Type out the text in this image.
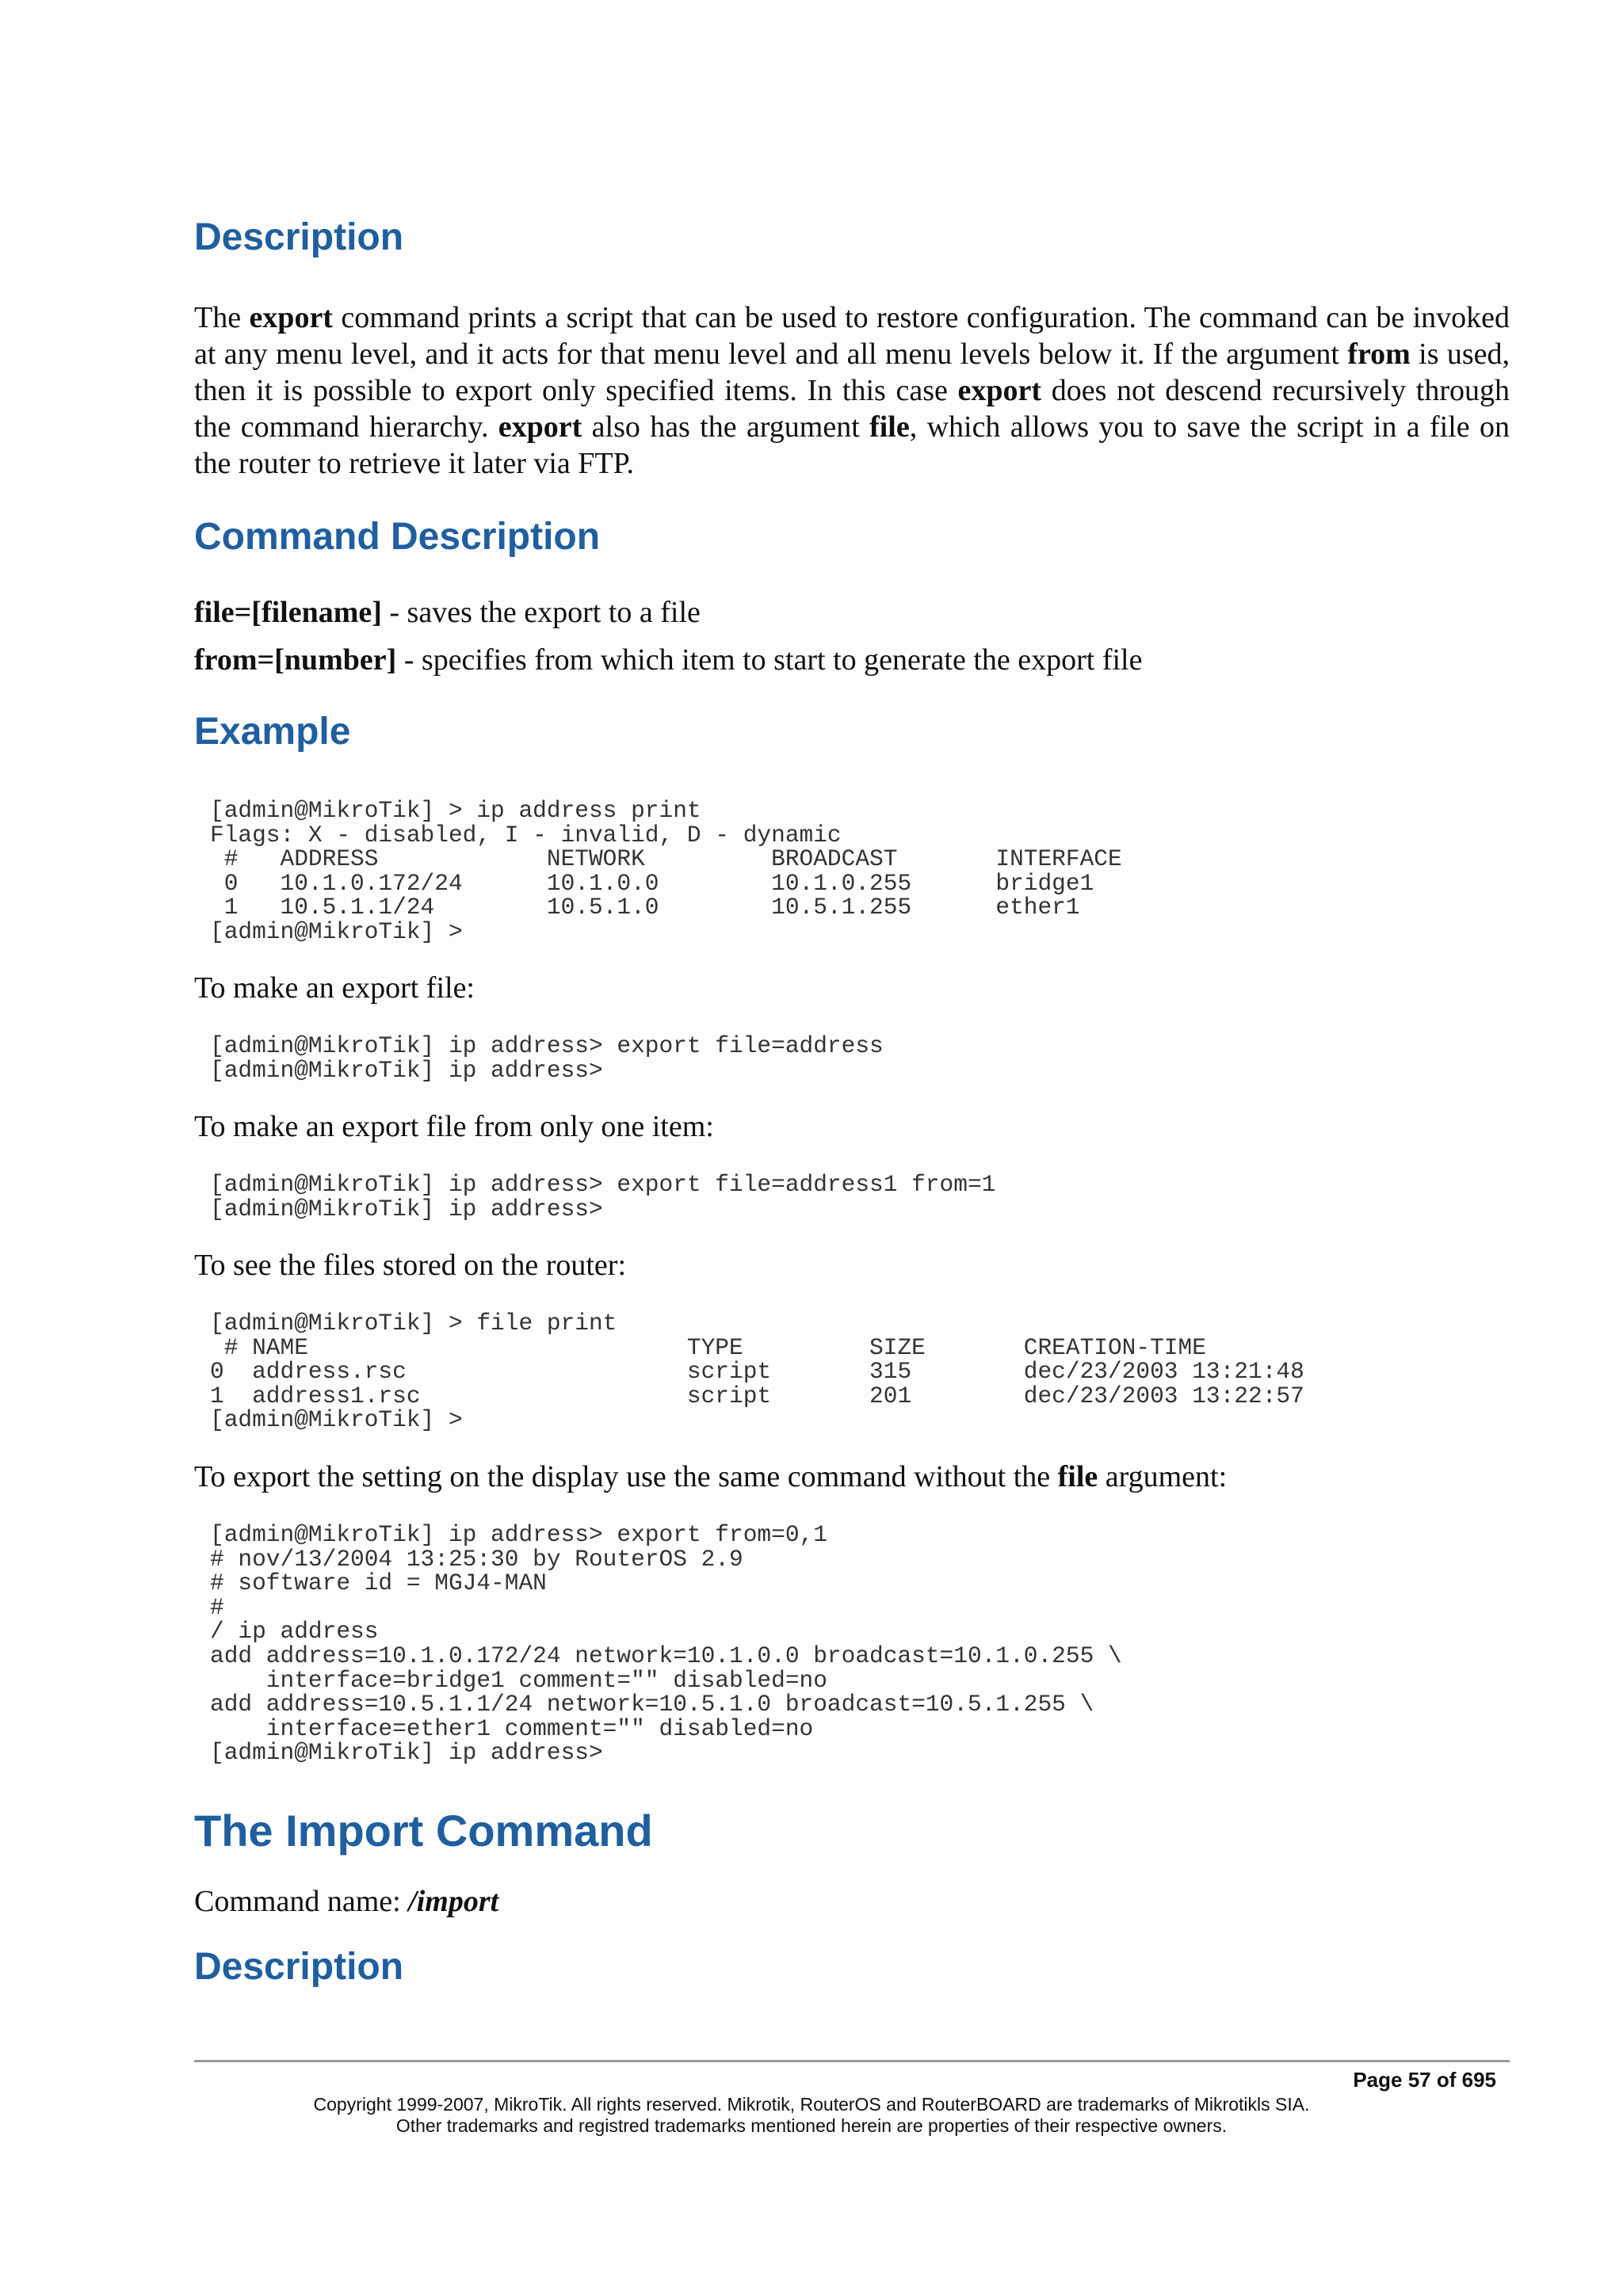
Description

The export command prints a script that can be used to restore configuration. The command can be invoked at any menu level, and it acts for that menu level and all menu levels below it. If the argument from is used, then it is possible to export only specified items. In this case export does not descend recursively through the command hierarchy. export also has the argument file, which allows you to save the script in a file on the router to retrieve it later via FTP.

Command Description

file=[filename] - saves the export to a file

from=[number] - specifies from which item to start to generate the export file

Example
[admin@MikroTik] > ip address print
Flags: X - disabled, I - invalid, D - dynamic
#   ADDRESS            NETWORK         BROADCAST       INTERFACE
0   10.1.0.172/24      10.1.0.0        10.1.0.255      bridge1
1   10.5.1.1/24        10.5.1.0        10.5.1.255      ether1
[admin@MikroTik] >

To make an export file:

[admin@MikroTik] ip address> export file=address
[admin@MikroTik] ip address>

To make an export file from only one item:

[admin@MikroTik] ip address> export file=address1 from=1
[admin@MikroTik] ip address>

To see the files stored on the router:

[admin@MikroTik] > file print
# NAME                           TYPE         SIZE       CREATION-TIME
0  address.rsc                    script       315        dec/23/2003 13:21:48
1  address1.rsc                   script       201        dec/23/2003 13:22:57
[admin@MikroTik] >

To export the setting on the display use the same command without the file argument:

[admin@MikroTik] ip address> export from=0,1
# nov/13/2004 13:25:30 by RouterOS 2.9
# software id = MGJ4-MAN
#
/ ip address
add address=10.1.0.172/24 network=10.1.0.0 broadcast=10.1.0.255 \
interface=bridge1 comment="" disabled=no
add address=10.5.1.1/24 network=10.5.1.0 broadcast=10.5.1.255 \
interface=ether1 comment="" disabled=no
[admin@MikroTik] ip address>
The Import Command

Command name: /import

Description
Page 57 of 695
Copyright 1999-2007, MikroTik. All rights reserved. Mikrotik, RouterOS and RouterBOARD are trademarks of Mikrotikls SIA.
Other trademarks and registred trademarks mentioned herein are properties of their respective owners.
